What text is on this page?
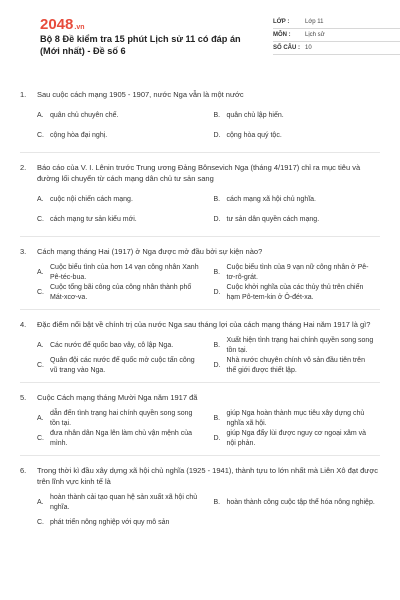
2048.vn
Bộ 8 Đề kiểm tra 15 phút Lịch sử 11 có đáp án (Mới nhất) - Đề số 6
LỚP :	Lớp 11
MÔN :	Lịch sử
SỐ CÂU : 10
1.	Sau cuộc cách mạng 1905 - 1907, nước Nga vẫn là một nước
A. quân chủ chuyên chế.	B. quân chủ lập hiến.
C. cộng hòa đại nghị.	D. cộng hòa quý tộc.
2.	Báo cáo của V. I. Lênin trước Trung ương Đảng Bônsevich Nga (tháng 4/1917) chỉ ra mục tiêu và đường lối chuyển từ cách mạng dân chủ tư sản sang
A. cuộc nội chiến cách mạng.	B. cách mạng xã hội chủ nghĩa.
C. cách mạng tư sản kiểu mới.	D. tư sản dân quyền cách mạng.
3.	Cách mạng tháng Hai (1917) ở Nga được mở đầu bởi sự kiện nào?
A.
Cuộc biểu tình của hơn 14 vạn công nhân Xanh Pê-téc-bua.
B.
Cuộc biểu tình của 9 vạn nữ công nhân ở Pê-tơ-rô-grát.
C.
Cuộc tổng bãi công của công nhân thành phố Mát-xcơ-va.
D.
Cuộc khởi nghĩa của các thủy thủ trên chiến hạm Pô-tem-kin ở Ô-đét-xa.
4.	Đặc điểm nổi bật về chính trị của nước Nga sau tháng lợi của cách mạng tháng Hai năm 1917 là gì?
A. Các nước đế quốc bao vây, cô lập Nga.	B.
Xuất hiện tình trạng hai chính quyền song song tồn tại.
C.
Quân đội các nước đế quốc mở cuộc tấn công vũ trang vào Nga.
D.
Nhà nước chuyên chính vô sản đầu tiên trên thế giới được thiết lập.
5.	Cuộc Cách mạng tháng Mười Nga năm 1917 đã
A.
dẫn đến tình trạng hai chính quyền song song tồn tại.
B.
giúp Nga hoàn thành mục tiêu xây dựng chủ nghĩa xã hội.
C.
đưa nhân dân Nga lên làm chủ vận mệnh của mình.
D.
giúp Nga đẩy lùi được nguy cơ ngoại xâm và nội phản.
6.	Trong thời kì đầu xây dựng xã hội chủ nghĩa (1925 - 1941), thành tựu to lớn nhất mà Liên Xô đạt được trên lĩnh vực kinh tế là
A.
hoàn thành cải tạo quan hệ sản xuất xã hội chủ nghĩa.
B. hoàn thành công cuộc tập thể hóa nông nghiệp.
C. phát triển nông nghiệp với quy mô sản
